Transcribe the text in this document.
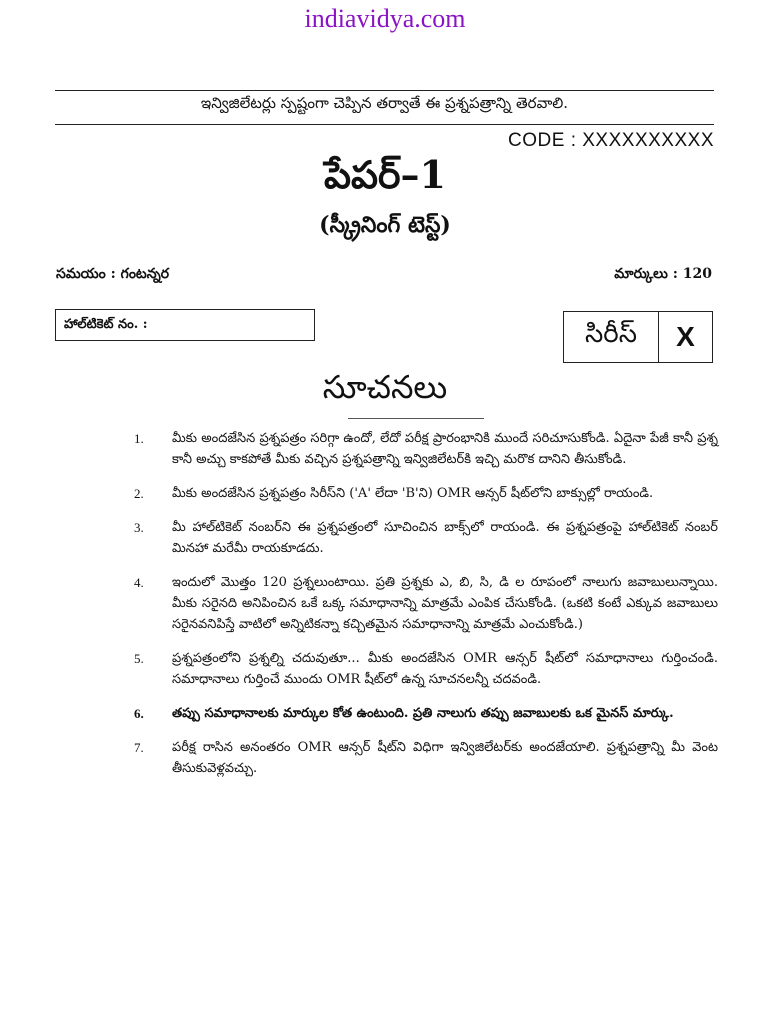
indiavidya.com
ఇన్విజిలేటర్లు స్పష్టంగా చెప్పిన తర్వాతే ఈ ప్రశ్నపత్రాన్ని తెరవాలి.
CODE : XXXXXXXXXX
పేపర్–1
(స్క్రీనింగ్ టెస్ట్)
సమయం : గంటన్నర	మార్కులు : 120
హాల్‌టికెట్ నం. :	సిరీస్	X
సూచనలు
1.	మీకు అందజేసిన ప్రశ్నపత్రం సరిగ్గా ఉందో, లేదో పరీక్ష ప్రారంభానికి ముందే సరిచూసుకోండి. ఏదైనా పేజీ కానీ ప్రశ్న కానీ అచ్చు కాకపోతే మీకు వచ్చిన ప్రశ్నపత్రాన్ని ఇన్విజిలేటర్‌కి ఇచ్చి మరొక దానిని తీసుకోండి.
2.	మీకు అందజేసిన ప్రశ్నపత్రం సిరీస్‌ని ('A' లేదా 'B'ని) OMR ఆన్సర్ షీట్‌లోని బాక్సుల్లో రాయండి.
3.	మీ హాల్‌టికెట్ నంబర్‌ని ఈ ప్రశ్నపత్రంలో సూచించిన బాక్స్‌లో రాయండి. ఈ ప్రశ్నపత్రంపై హాల్‌టికెట్ నంబర్ మినహా మరేమీ రాయకూడదు.
4.	ఇందులో మొత్తం 120 ప్రశ్నలుంటాయి. ప్రతి ప్రశ్నకు ఎ, బి, సి, డి ల రూపంలో నాలుగు జవాబులున్నాయి. మీకు సరైనది అనిపించిన ఒకే ఒక్క సమాధానాన్ని మాత్రమే ఎంపిక చేసుకోండి. (ఒకటి కంటే ఎక్కువ జవాబులు సరైనవనిపిస్తే వాటిలో అన్నిటికన్నా కచ్చితమైన సమాధానాన్ని మాత్రమే ఎంచుకోండి.)
5.	ప్రశ్నపత్రంలోని ప్రశ్నల్ని చదువుతూ... మీకు అందజేసిన OMR ఆన్సర్ షీట్‌లో సమాధానాలు గుర్తించండి. సమాధానాలు గుర్తించే ముందు OMR షీట్‌లో ఉన్న సూచనలన్నీ చదవండి.
6.	తప్పు సమాధానాలకు మార్కుల కోత ఉంటుంది. ప్రతి నాలుగు తప్పు జవాబులకు ఒక మైనస్ మార్కు.
7.	పరీక్ష రాసిన అనంతరం OMR ఆన్సర్ షీట్‌ని విధిగా ఇన్విజిలేటర్‌కు అందజేయాలి. ప్రశ్నపత్రాన్ని మీ వెంట తీసుకువెళ్లవచ్చు.
